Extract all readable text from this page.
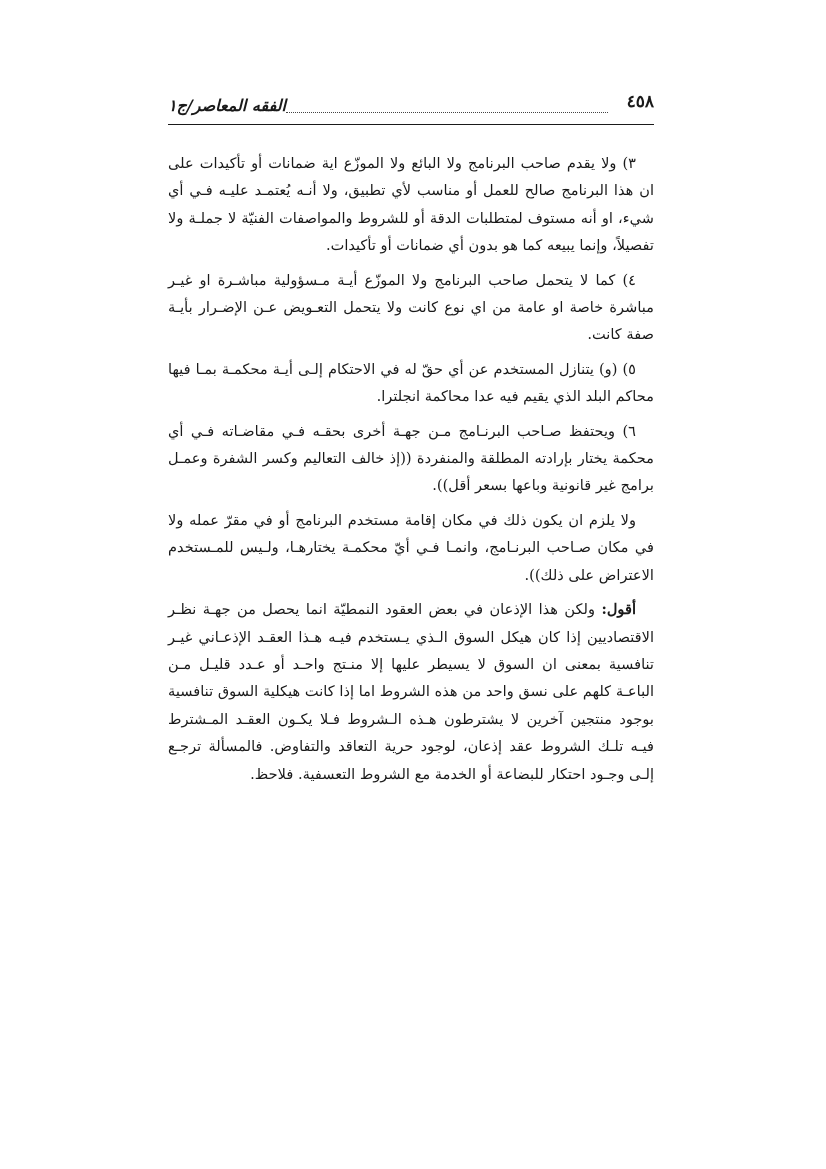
٤٥٨
الفقه المعاصر/ج١

٣) ولا يقدم صاحب البرنامج ولا البائع ولا الموزّع اية ضمانات أو تأكيدات على ان هذا البرنامج صالح للعمل أو مناسب لأي تطبيق، ولا أنـه يُعتمـد عليـه فـي أي شيء، او أنه مستوف لمتطلبات الدقة أو للشروط والمواصفات الفنيّة لا جملـة ولا تفصيلاً، وإنما يبيعه كما هو بدون أي ضمانات أو تأكيدات.

٤) كما لا يتحمل صاحب البرنامج ولا الموزّع أيـة مـسؤولية مباشـرة او غيـر مباشرة خاصة او عامة من اي نوع كانت ولا يتحمل التعـويض عـن الإضـرار بأيـة صفة كانت.

٥) (و) يتنازل المستخدم عن أي حقّ له في الاحتكام إلـى أيـة محكمـة بمـا فيها محاكم البلد الذي يقيم فيه عدا محاكمة انجلترا.

٦) ويحتفظ صـاحب البرنـامج مـن جهـة أخرى بحقـه فـي مقاضـاته فـي أي محكمة يختار بإرادته المطلقة والمنفردة ((إذ خالف التعاليم وكسر الشفرة وعمـل برامج غير قانونية وباعها بسعر أقل)).

ولا يلزم ان يكون ذلك في مكان إقامة مستخدم البرنامج أو في مقرّ عمله ولا في مكان صـاحب البرنـامج، وانمـا فـي أيّ محكمـة يختارهـا، ولـيس للمـستخدم الاعتراض على ذلك)).

أقول: ولكن هذا الإذعان في بعض العقود النمطيّة انما يحصل من جهـة نظـر الاقتصاديين إذا كان هيكل السوق الـذي يـستخدم فيـه هـذا العقـد الإذعـاني غيـر تنافسية بمعنى ان السوق لا يسيطر عليها إلا منـتج واحـد أو عـدد قليـل مـن الباعـة كلهم على نسق واحد من هذه الشروط اما إذا كانت هيكلية السوق تنافسية بوجود منتجين آخرين لا يشترطون هـذه الـشروط فـلا يكـون العقـد المـشترط فيـه تلـك الشروط عقد إذعان، لوجود حرية التعاقد والتفاوض. فالمسألة ترجـع إلـى وجـود احتكار للبضاعة أو الخدمة مع الشروط التعسفية. فلاحظ.
